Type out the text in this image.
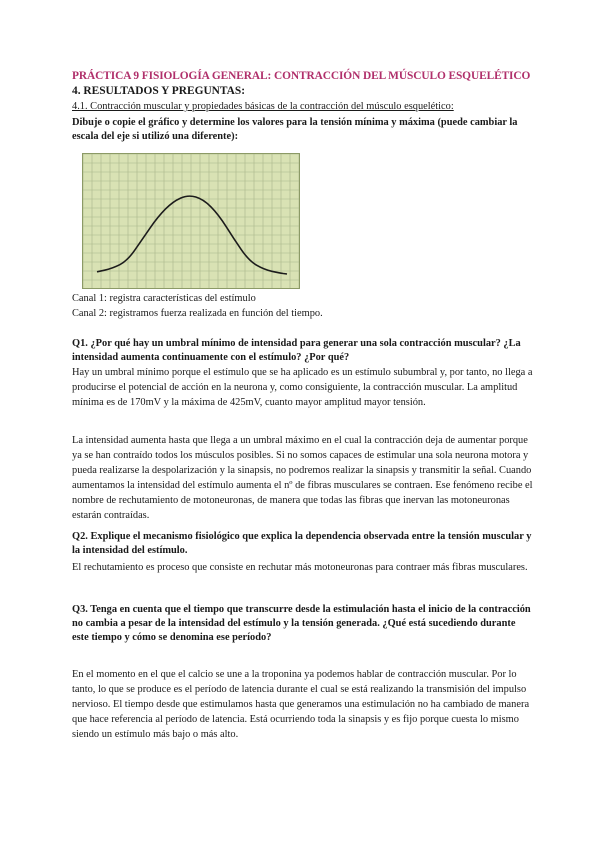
PRÁCTICA 9 FISIOLOGÍA GENERAL: CONTRACCIÓN DEL MÚSCULO ESQUELÉTICO
4. RESULTADOS Y PREGUNTAS:
4.1. Contracción muscular y propiedades básicas de la contracción del músculo esquelético:
Dibuje o copie el gráfico y determine los valores para la tensión mínima y máxima (puede cambiar la escala del eje si utilizó una diferente):
Canal 1: registra características del estímulo
Canal 2: registramos fuerza realizada en función del tiempo.
Q1. ¿Por qué hay un umbral mínimo de intensidad para generar una sola contracción muscular? ¿La intensidad aumenta continuamente con el estímulo? ¿Por qué?
Hay un umbral mínimo porque el estímulo que se ha aplicado es un estímulo subumbral y, por tanto, no llega a producirse el potencial de acción en la neurona y, como consiguiente, la contracción muscular. La amplitud mínima es de 170mV y la máxima de 425mV, cuanto mayor amplitud mayor tensión.
La intensidad aumenta hasta que llega a un umbral máximo en el cual la contracción deja de aumentar porque ya se han contraído todos los músculos posibles. Si no somos capaces de estimular una sola neurona motora y pueda realizarse la despolarización y la sinapsis, no podremos realizar la sinapsis y transmitir la señal. Cuando aumentamos la intensidad del estímulo aumenta el nº de fibras musculares se contraen. Ese fenómeno recibe el nombre de rechutamiento de motoneuronas, de manera que todas las fibras que inervan las motoneuronas estarán contraídas.
Q2. Explique el mecanismo fisiológico que explica la dependencia observada entre la tensión muscular y la intensidad del estímulo.
El rechutamiento es proceso que consiste en rechutar más motoneuronas para contraer más fibras musculares.
Q3. Tenga en cuenta que el tiempo que transcurre desde la estimulación hasta el inicio de la contracción no cambia a pesar de la intensidad del estímulo y la tensión generada. ¿Qué está sucediendo durante este tiempo y cómo se denomina ese período?
En el momento en el que el calcio se une a la troponina ya podemos hablar de contracción muscular. Por lo tanto, lo que se produce es el período de latencia durante el cual se está realizando la transmisión del impulso nervioso. El tiempo desde que estimulamos hasta que generamos una estimulación no ha cambiado de manera que hace referencia al período de latencia. Está ocurriendo toda la sinapsis y es fijo porque cuesta lo mismo siendo un estímulo más bajo o más alto.
